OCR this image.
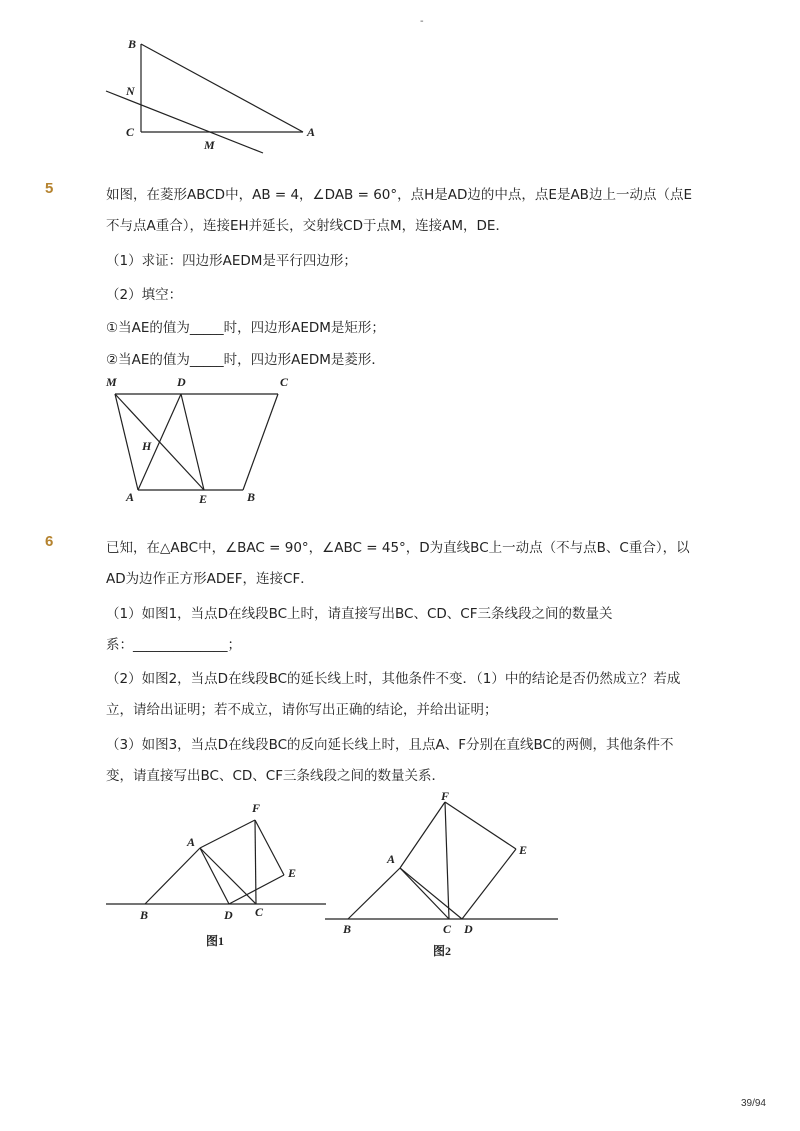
-
B
N
C
M
A
5	如图，在菱形ABCD中，AB = 4，∠DAB = 60°，点H是AD边的中点，点E是AB边上一动点（点E
不与点A重合），连接EH并延长，交射线CD于点M，连接AM，DE．
（1）求证：四边形AEDM是平行四边形；
（2）填空：
①当AE的值为_____时，四边形AEDM是矩形；
②当AE的值为_____时，四边形AEDM是菱形．
M	D	C
H
A	E	B
6	已知，在△ABC中，∠BAC = 90°，∠ABC = 45°，D为直线BC上一动点（不与点B、C重合），以
AD为边作正方形ADEF，连接CF．
（1）如图1，当点D在线段BC上时，请直接写出BC、CD、CF三条线段之间的数量关
系：______________；
（2）如图2，当点D在线段BC的延长线上时，其他条件不变．（1）中的结论是否仍然成立？若成
立，请给出证明；若不成立，请你写出正确的结论，并给出证明；
（3）如图3，当点D在线段BC的反向延长线上时，且点A、F分别在直线BC的两侧，其他条件不
变，请直接写出BC、CD、CF三条线段之间的数量关系．
F
A
E
B	D C
图1
F
A
E
B	C D
图2
39/94
